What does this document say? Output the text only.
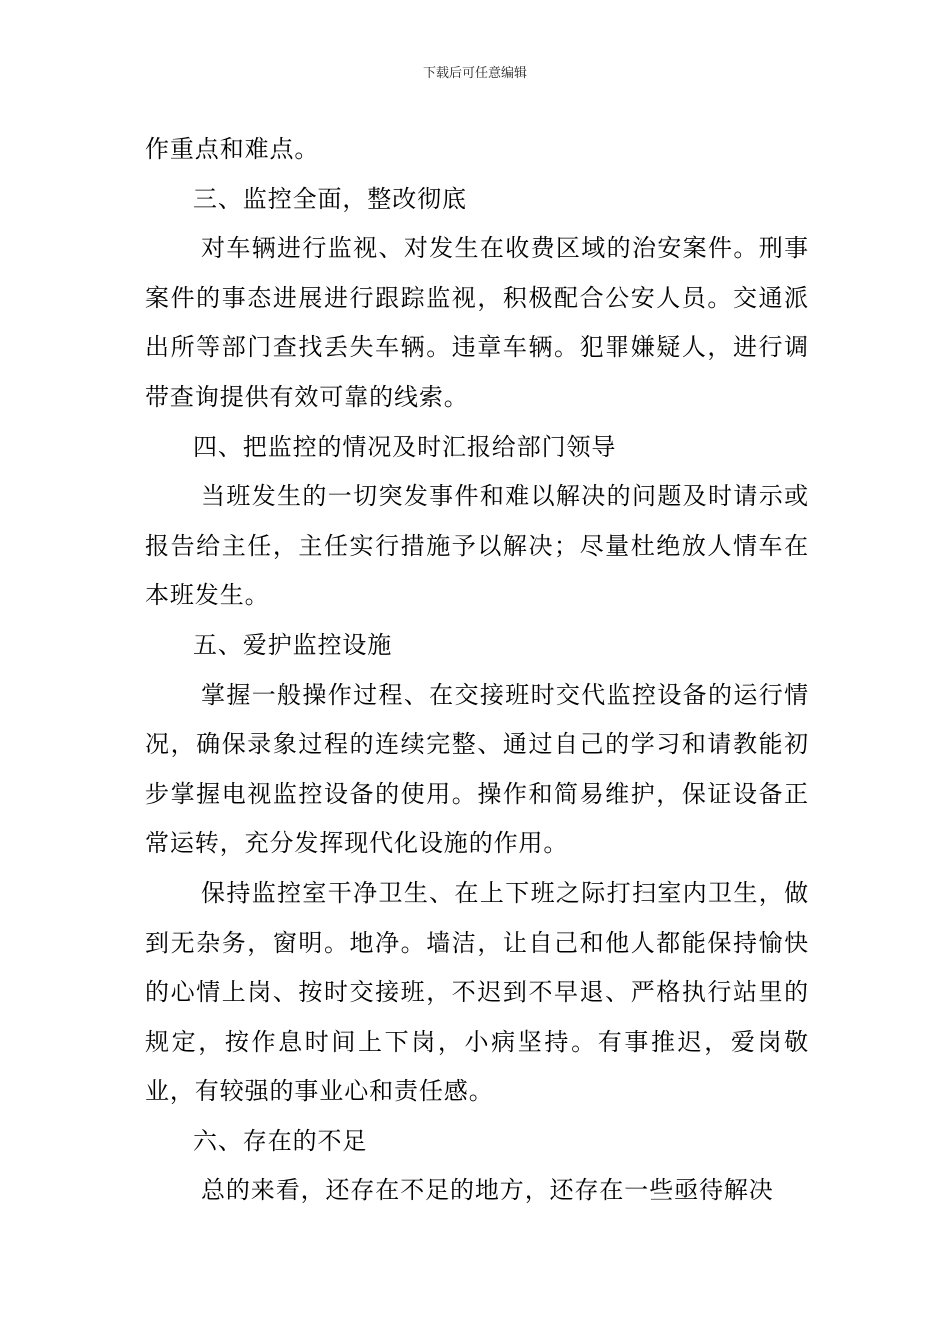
下载后可任意编辑

作重点和难点。

三、监控全面，整改彻底

对车辆进行监视、对发生在收费区域的治安案件。刑事案件的事态进展进行跟踪监视，积极配合公安人员。交通派出所等部门查找丢失车辆。违章车辆。犯罪嫌疑人，进行调带查询提供有效可靠的线索。

四、把监控的情况及时汇报给部门领导

当班发生的一切突发事件和难以解决的问题及时请示或报告给主任，主任实行措施予以解决；尽量杜绝放人情车在本班发生。

五、爱护监控设施

掌握一般操作过程、在交接班时交代监控设备的运行情况，确保录象过程的连续完整、通过自己的学习和请教能初步掌握电视监控设备的使用。操作和简易维护，保证设备正常运转，充分发挥现代化设施的作用。

保持监控室干净卫生、在上下班之际打扫室内卫生，做到无杂务，窗明。地净。墙洁，让自己和他人都能保持愉快的心情上岗、按时交接班，不迟到不早退、严格执行站里的规定，按作息时间上下岗，小病坚持。有事推迟，爱岗敬业，有较强的事业心和责任感。

六、存在的不足

总的来看，还存在不足的地方，还存在一些亟待解决
